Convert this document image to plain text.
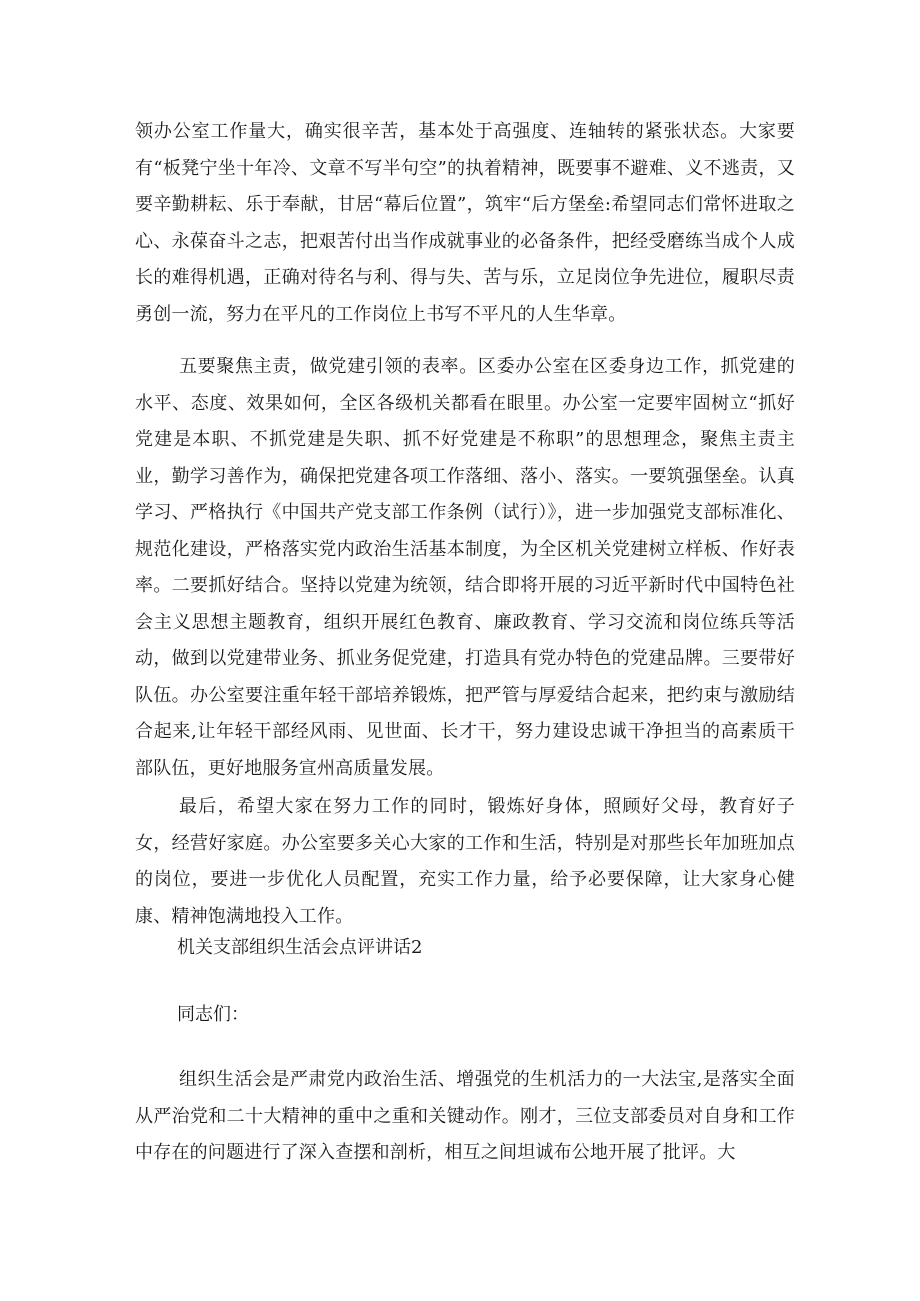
领办公室工作量大，确实很辛苦，基本处于高强度、连轴转的紧张状态。大家要有“板凳宁坐十年冷、文章不写半句空”的执着精神，既要事不避难、义不逃责，又要辛勤耕耘、乐于奉献，甘居“幕后位置”，筑牢“后方堡垒:希望同志们常怀进取之心、永葆奋斗之志，把艰苦付出当作成就事业的必备条件，把经受磨练当成个人成长的难得机遇，正确对待名与利、得与失、苦与乐，立足岗位争先进位，履职尽责勇创一流，努力在平凡的工作岗位上书写不平凡的人生华章。

五要聚焦主责，做党建引领的表率。区委办公室在区委身边工作，抓党建的水平、态度、效果如何，全区各级机关都看在眼里。办公室一定要牢固树立“抓好党建是本职、不抓党建是失职、抓不好党建是不称职”的思想理念，聚焦主责主业，勤学习善作为，确保把党建各项工作落细、落小、落实。一要筑强堡垒。认真学习、严格执行《中国共产党支部工作条例（试行）》，进一步加强党支部标准化、规范化建设，严格落实党内政治生活基本制度，为全区机关党建树立样板、作好表率。二要抓好结合。坚持以党建为统领，结合即将开展的习近平新时代中国特色社会主义思想主题教育，组织开展红色教育、廉政教育、学习交流和岗位练兵等活动，做到以党建带业务、抓业务促党建，打造具有党办特色的党建品牌。三要带好队伍。办公室要注重年轻干部培养锻炼，把严管与厚爱结合起来，把约束与激励结合起来,让年轻干部经风雨、见世面、长才干，努力建设忠诚干净担当的高素质干部队伍，更好地服务宣州高质量发展。

最后，希望大家在努力工作的同时，锻炼好身体，照顾好父母，教育好子女，经营好家庭。办公室要多关心大家的工作和生活，特别是对那些长年加班加点的岗位，要进一步优化人员配置，充实工作力量，给予必要保障，让大家身心健康、精神饱满地投入工作。

机关支部组织生活会点评讲话2

同志们：

组织生活会是严肃党内政治生活、增强党的生机活力的一大法宝,是落实全面从严治党和二十大精神的重中之重和关键动作。刚才，三位支部委员对自身和工作中存在的问题进行了深入查摆和剖析，相互之间坦诚布公地开展了批评。大
